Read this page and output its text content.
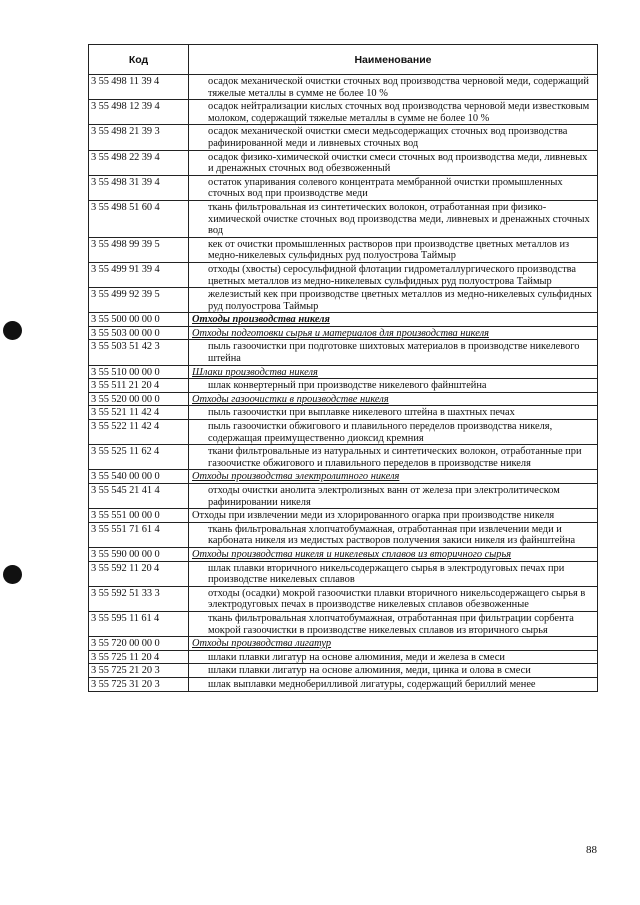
Код	Наименование
3 55 498 11 39 4	осадок механической очистки сточных вод производства черновой меди, содержащий тяжелые металлы в сумме не более 10 %
3 55 498 12 39 4	осадок нейтрализации кислых сточных вод производства черновой меди известковым молоком, содержащий тяжелые металлы в сумме не более 10 %
3 55 498 21 39 3	осадок механической очистки смеси медьсодержащих сточных вод производства рафинированной меди и ливневых сточных вод
3 55 498 22 39 4	осадок физико-химической очистки смеси сточных вод производства меди, ливневых и дренажных сточных вод обезвоженный
3 55 498 31 39 4	остаток упаривания солевого концентрата мембранной очистки промышленных сточных вод при производстве меди
3 55 498 51 60 4	ткань фильтровальная из синтетических волокон, отработанная при физико-химической очистке сточных вод производства меди, ливневых и дренажных сточных вод
3 55 498 99 39 5	кек от очистки промышленных растворов при производстве цветных металлов из медно-никелевых сульфидных руд полуострова Таймыр
3 55 499 91 39 4	отходы (хвосты) серосульфидной флотации гидрометаллургического производства цветных металлов из медно-никелевых сульфидных руд полуострова Таймыр
3 55 499 92 39 5	железистый кек при производстве цветных металлов из медно-никелевых сульфидных руд полуострова Таймыр
3 55 500 00 00 0	Отходы производства никеля
3 55 503 00 00 0	Отходы подготовки сырья и материалов для производства никеля
3 55 503 51 42 3	пыль газоочистки при подготовке шихтовых материалов в производстве никелевого штейна
3 55 510 00 00 0	Шлаки производства никеля
3 55 511 21 20 4	шлак конвертерный при производстве никелевого файнштейна
3 55 520 00 00 0	Отходы газоочистки в производстве никеля
3 55 521 11 42 4	пыль газоочистки при выплавке никелевого штейна в шахтных печах
3 55 522 11 42 4	пыль газоочистки обжигового и плавильного переделов производства никеля, содержащая преимущественно диоксид кремния
3 55 525 11 62 4	ткани фильтровальные из натуральных и синтетических волокон, отработанные при газоочистке обжигового и плавильного переделов в производстве никеля
3 55 540 00 00 0	Отходы производства электролитного никеля
3 55 545 21 41 4	отходы очистки анолита электролизных ванн от железа при электролитическом рафинировании никеля
3 55 551 00 00 0	Отходы при извлечении меди из хлорированного огарка при производстве никеля
3 55 551 71 61 4	ткань фильтровальная хлопчатобумажная, отработанная при извлечении меди и карбоната никеля из медистых растворов получения закиси никеля из файнштейна
3 55 590 00 00 0	Отходы производства никеля и никелевых сплавов из вторичного сырья
3 55 592 11 20 4	шлак плавки вторичного никельсодержащего сырья в электродуговых печах при производстве никелевых сплавов
3 55 592 51 33 3	отходы (осадки) мокрой газоочистки плавки вторичного никельсодержащего сырья в электродуговых печах в производстве никелевых сплавов обезвоженные
3 55 595 11 61 4	ткань фильтровальная хлопчатобумажная, отработанная при фильтрации сорбента мокрой газоочистки в производстве никелевых сплавов из вторичного сырья
3 55 720 00 00 0	Отходы производства лигатур
3 55 725 11 20 4	шлаки плавки лигатур на основе алюминия, меди и железа в смеси
3 55 725 21 20 3	шлаки плавки лигатур на основе алюминия, меди, цинка и олова в смеси
3 55 725 31 20 3	шлак выплавки медноберилливой лигатуры, содержащий бериллий менее
88
